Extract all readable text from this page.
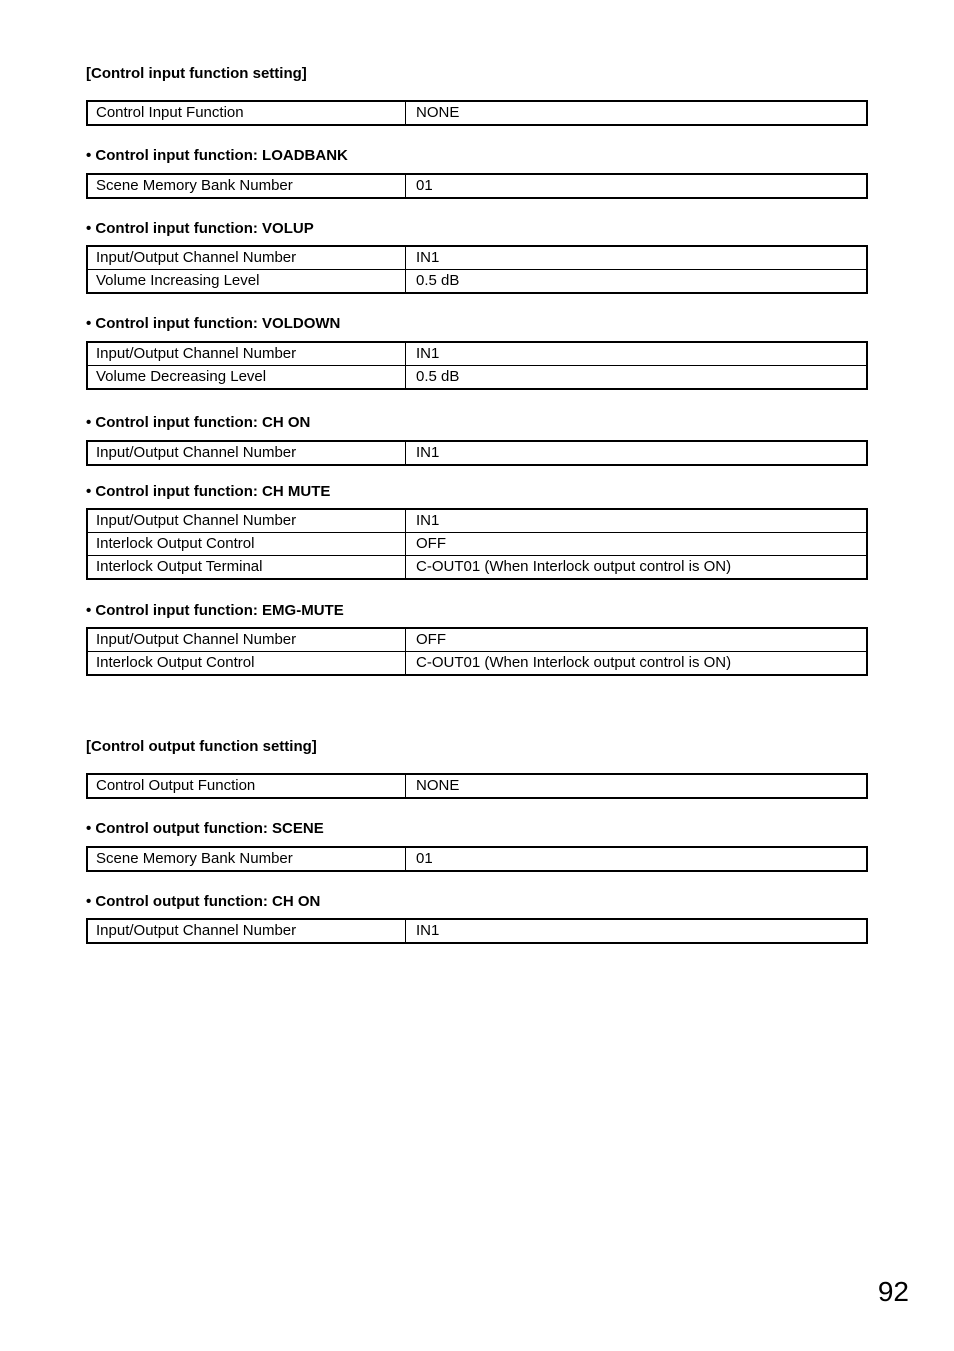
[Control input function setting]
Control Input Function	NONE
• Control input function: LOADBANK
Scene Memory Bank Number	01
• Control input function: VOLUP
Input/Output Channel Number	IN1
Volume Increasing Level	0.5 dB
• Control input function: VOLDOWN
Input/Output Channel Number	IN1
Volume Decreasing Level	0.5 dB
• Control input function: CH ON
Input/Output Channel Number	IN1
• Control input function: CH MUTE
Input/Output Channel Number	IN1
Interlock Output Control	OFF
Interlock Output Terminal	C-OUT01 (When Interlock output control is ON)
• Control input function: EMG-MUTE
Input/Output Channel Number	OFF
Interlock Output Control	C-OUT01 (When Interlock output control is ON)
[Control output function setting]
Control Output Function	NONE
• Control output function: SCENE
Scene Memory Bank Number	01
• Control output function: CH ON
Input/Output Channel Number	IN1
92
